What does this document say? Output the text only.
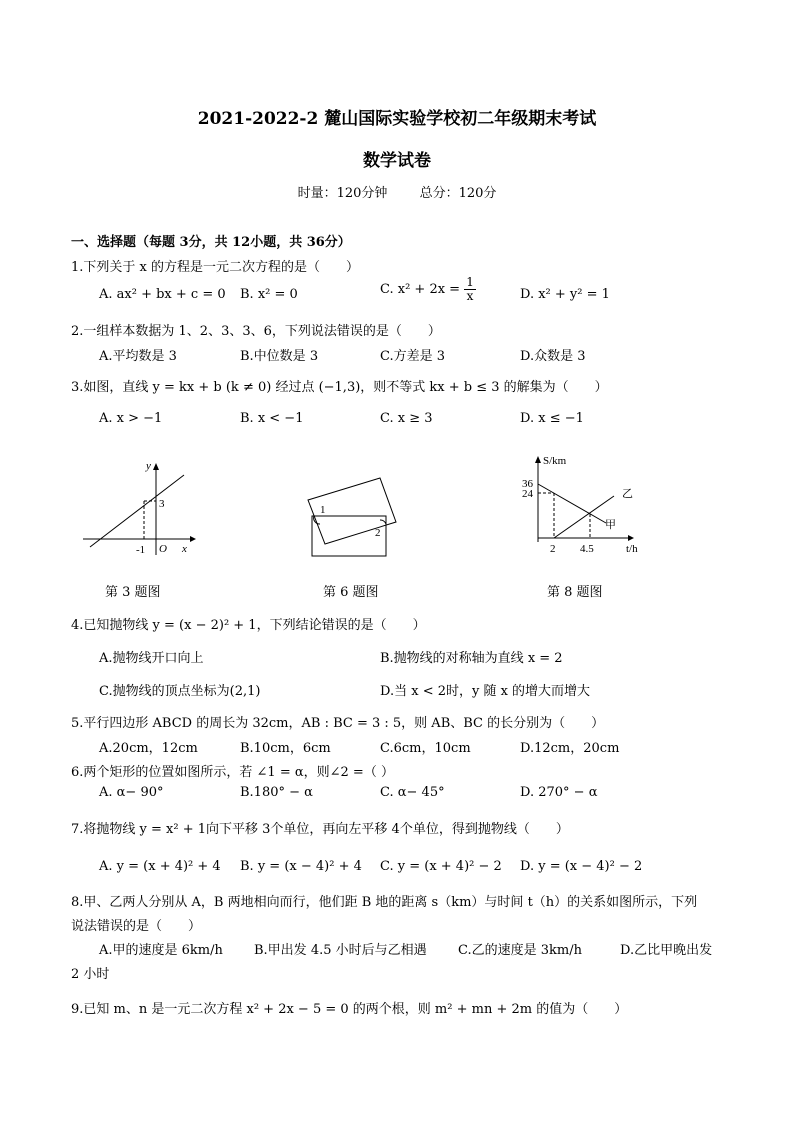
2021-2022-2 麓山国际实验学校初二年级期末考试
数学试卷
时量：120分钟 总分：120分
一、选择题（每题 3分，共 12小题，共 36分）
1.下列关于 x 的方程是一元二次方程的是（　　）
A. ax² + bx + c = 0 B. x² = 0	C. $x^2 + 2x = \frac{1}{x}$	D. x² + y² = 1
2.一组样本数据为 1、2、3、3、6，下列说法错误的是（　　）
A.平均数是 3	B.中位数是 3	C.方差是 3	D.众数是 3
3.如图，直线 y = kx + b (k ≠ 0) 经过点 (−1,3)，则不等式 kx + b ≤ 3 的解集为（　　）
A. x > −1	B. x < −1	C. x ≥ 3	D. x ≤ −1
y
x
O
3
-1
第 3 题图
1
2
第 6 题图
S/km
t/h
36
24
2 4.5
乙
甲
第 8 题图
4.已知抛物线 y = (x − 2)² + 1，下列结论错误的是（　　）
A.抛物线开口向上	B.抛物线的对称轴为直线 x = 2
C.抛物线的顶点坐标为(2,1)	D.当 x < 2时，y 随 x 的增大而增大
5.平行四边形 ABCD 的周长为 32cm，AB : BC = 3 : 5，则 AB、BC 的长分别为（　　）
A.20cm，12cm	B.10cm，6cm	C.6cm，10cm	D.12cm，20cm
6.两个矩形的位置如图所示，若 ∠1 = α，则∠2 =（ ）
A. α− 90°	B.180° − α	C. α− 45°	D. 270° − α
7.将抛物线 y = x² + 1向下平移 3个单位，再向左平移 4个单位，得到抛物线（　　）
A. y = (x + 4)² + 4 B. y = (x − 4)² + 4 C. y = (x + 4)² − 2 D. y = (x − 4)² − 2
8.甲、乙两人分别从 A，B 两地相向而行，他们距 B 地的距离 s（km）与时间 t（h）的关系如图所示，下列
说法错误的是（　　）
A.甲的速度是 6km/h B.甲出发 4.5 小时后与乙相遇 C.乙的速度是 3km/h	D.乙比甲晚出发
2 小时
9.已知 m、n 是一元二次方程 x² + 2x − 5 = 0 的两个根，则 m² + mn + 2m 的值为（　　）
